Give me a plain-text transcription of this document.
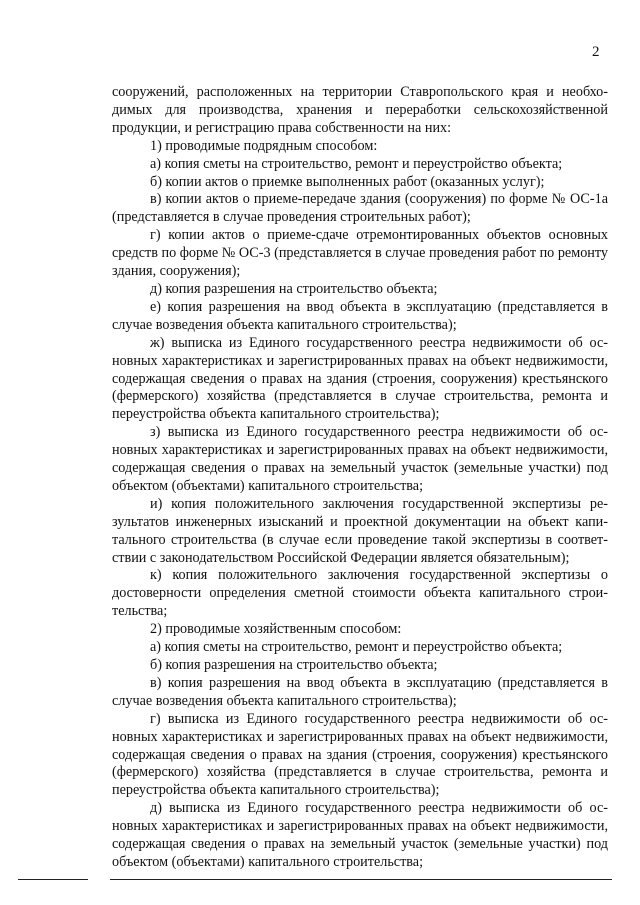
2

сооружений, расположенных на территории Ставропольского края и необходимых для производства, хранения и переработки сельскохозяйственной продукции, и регистрацию права собственности на них:

1) проводимые подрядным способом:

а) копия сметы на строительство, ремонт и переустройство объекта;

б) копии актов о приемке выполненных работ (оказанных услуг);

в) копии актов о приеме-передаче здания (сооружения) по форме № ОС-1а (представляется в случае проведения строительных работ);

г) копии актов о приеме-сдаче отремонтированных объектов основных средств по форме № ОС-3 (представляется в случае проведения работ по ремонту здания, сооружения);

д) копия разрешения на строительство объекта;

е) копия разрешения на ввод объекта в эксплуатацию (представляется в случае возведения объекта капитального строительства);

ж) выписка из Единого государственного реестра недвижимости об основных характеристиках и зарегистрированных правах на объект недвижимости, содержащая сведения о правах на здания (строения, сооружения) крестьянского (фермерского) хозяйства (представляется в случае строительства, ремонта и переустройства объекта капитального строительства);

з) выписка из Единого государственного реестра недвижимости об основных характеристиках и зарегистрированных правах на объект недвижимости, содержащая сведения о правах на земельный участок (земельные участки) под объектом (объектами) капитального строительства;

и) копия положительного заключения государственной экспертизы результатов инженерных изысканий и проектной документации на объект капитального строительства (в случае если проведение такой экспертизы в соответствии с законодательством Российской Федерации является обязательным);

к) копия положительного заключения государственной экспертизы о достоверности определения сметной стоимости объекта капитального строительства;

2) проводимые хозяйственным способом:

а) копия сметы на строительство, ремонт и переустройство объекта;

б) копия разрешения на строительство объекта;

в) копия разрешения на ввод объекта в эксплуатацию (представляется в случае возведения объекта капитального строительства);

г) выписка из Единого государственного реестра недвижимости об основных характеристиках и зарегистрированных правах на объект недвижимости, содержащая сведения о правах на здания (строения, сооружения) крестьянского (фермерского) хозяйства (представляется в случае строительства, ремонта и переустройства объекта капитального строительства);

д) выписка из Единого государственного реестра недвижимости об основных характеристиках и зарегистрированных правах на объект недвижимости, содержащая сведения о правах на земельный участок (земельные участки) под объектом (объектами) капитального строительства;
